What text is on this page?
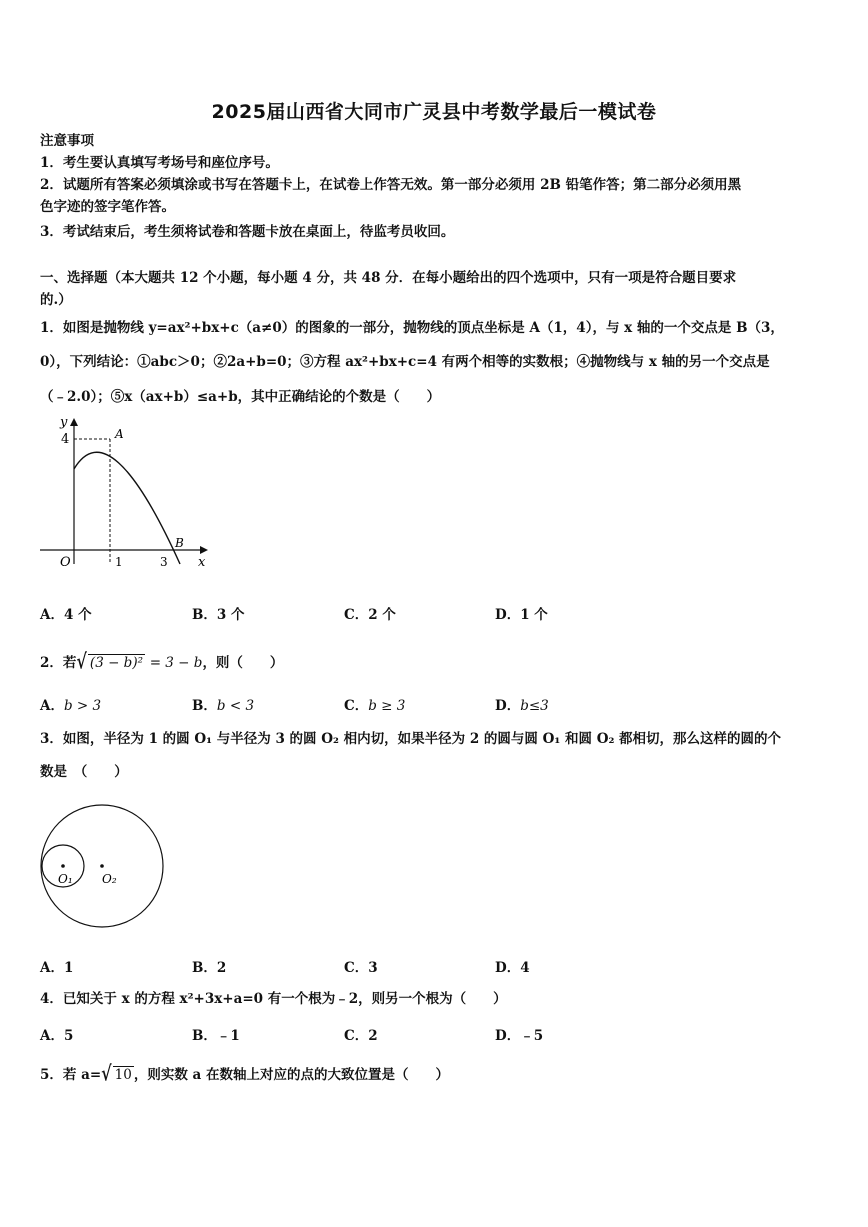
2025届山西省大同市广灵县中考数学最后一模试卷
注意事项
1．考生要认真填写考场号和座位序号。
2．试题所有答案必须填涂或书写在答题卡上，在试卷上作答无效。第一部分必须用 2B 铅笔作答；第二部分必须用黑
色字迹的签字笔作答。
3．考试结束后，考生须将试卷和答题卡放在桌面上，待监考员收回。
一、选择题（本大题共 12 个小题，每小题 4 分，共 48 分．在每小题给出的四个选项中，只有一项是符合题目要求
的.）
1．如图是抛物线 y=ax²+bx+c（a≠0）的图象的一部分，抛物线的顶点坐标是 A（1，4），与 x 轴的一个交点是 B（3，
0），下列结论：①abc＞0；②2a+b=0；③方程 ax²+bx+c=4 有两个相等的实数根；④抛物线与 x 轴的另一个交点是
（﹣2.0）；⑤x（ax+b）≤a+b，其中正确结论的个数是（　　）
y
x
O
4
1	3
A
B
A．4 个	B．3 个	C．2 个	D．1 个
2．若√ (3 − b)² = 3 − b，则（　　）
A．b > 3	B．b < 3	C．b ≥ 3	D．b≤3
3．如图，半径为 1 的圆 O₁ 与半径为 3 的圆 O₂ 相内切，如果半径为 2 的圆与圆 O₁ 和圆 O₂ 都相切，那么这样的圆的个
数是　（　　）
O₁ O₂
A．1	B．2	C．3	D．4
4．已知关于 x 的方程 x²+3x+a=0 有一个根为﹣2，则另一个根为（　　）
A．5	B．﹣1	C．2	D．﹣5
5．若 a=√ 10 ，则实数 a 在数轴上对应的点的大致位置是（　　）
